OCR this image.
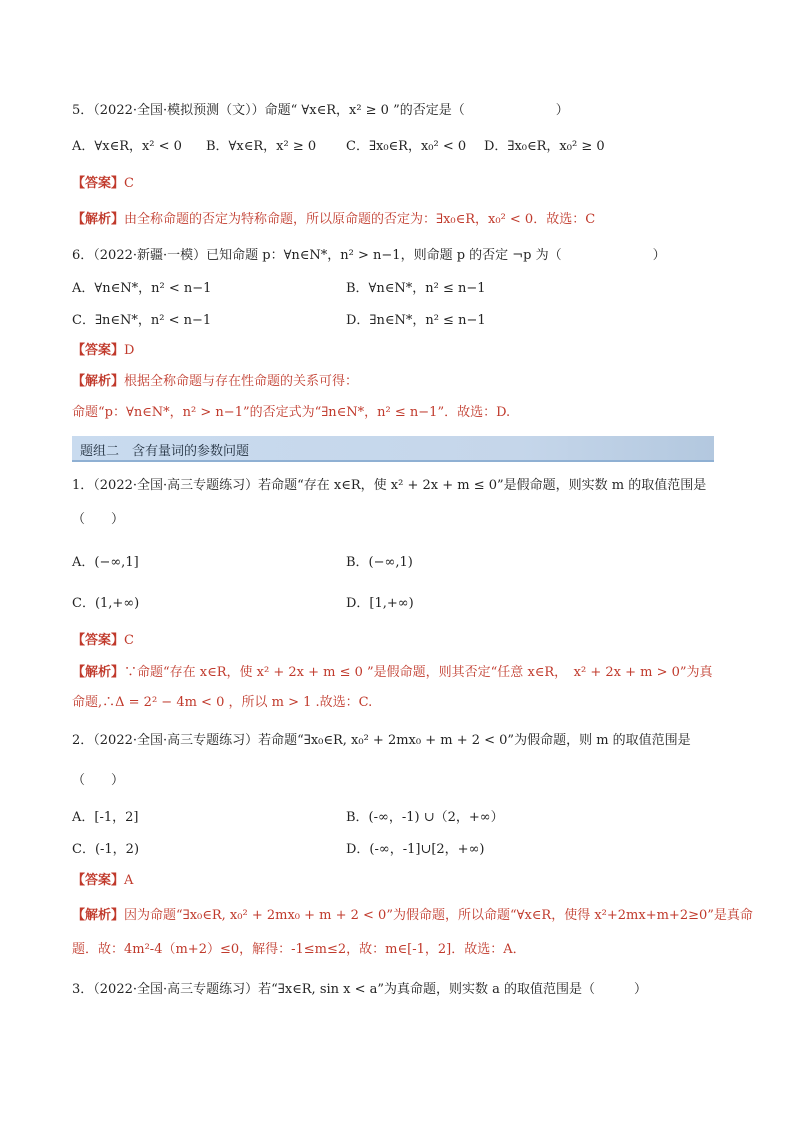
5．（2022·全国·模拟预测（文））命题“ ∀x∈R，x² ≥ 0 ”的否定是（　　　　　　　）
A．∀x∈R，x² < 0 B．∀x∈R，x² ≥ 0 C．∃x₀∈R，x₀² < 0 D．∃x₀∈R，x₀² ≥ 0
【答案】C
【解析】由全称命题的否定为特称命题，所以原命题的否定为：∃x₀∈R，x₀² < 0．故选：C
6．（2022·新疆·一模）已知命题 p：∀n∈N*，n² > n−1，则命题 p 的否定 ¬p 为（　　　　　　　）
A．∀n∈N*，n² < n−1	B．∀n∈N*，n² ≤ n−1
C．∃n∈N*，n² < n−1	D．∃n∈N*，n² ≤ n−1
【答案】D
【解析】根据全称命题与存在性命题的关系可得：
命题“p：∀n∈N*，n² > n−1”的否定式为“∃n∈N*，n² ≤ n−1”．故选：D.
题组二　含有量词的参数问题
1．（2022·全国·高三专题练习）若命题“存在 x∈R，使 x² + 2x + m ≤ 0”是假命题，则实数 m 的取值范围是
（　　）
A．(−∞,1]	B．(−∞,1)
C．(1,+∞)	D．[1,+∞)
【答案】C
【解析】∵命题“存在 x∈R，使 x² + 2x + m ≤ 0 ”是假命题，则其否定“任意 x∈R，　x² + 2x + m > 0”为真
命题,∴Δ = 2² − 4m < 0 ，所以 m > 1 .故选：C.
2．（2022·全国·高三专题练习）若命题“∃x₀∈R, x₀² + 2mx₀ + m + 2 < 0”为假命题，则 m 的取值范围是
（　　）
A．[-1，2]	B．(-∞，-1) ∪（2，+∞）
C．(-1，2)	D．(-∞，-1]∪[2，+∞)
【答案】A
【解析】因为命题“∃x₀∈R, x₀² + 2mx₀ + m + 2 < 0”为假命题，所以命题“∀x∈R，使得 x²+2mx+m+2≥0”是真命
题．故：4m²-4（m+2）≤0，解得：-1≤m≤2，故：m∈[-1，2]．故选：A．
3．（2022·全国·高三专题练习）若“∃x∈R, sin x < a”为真命题，则实数 a 的取值范围是（　　　）
